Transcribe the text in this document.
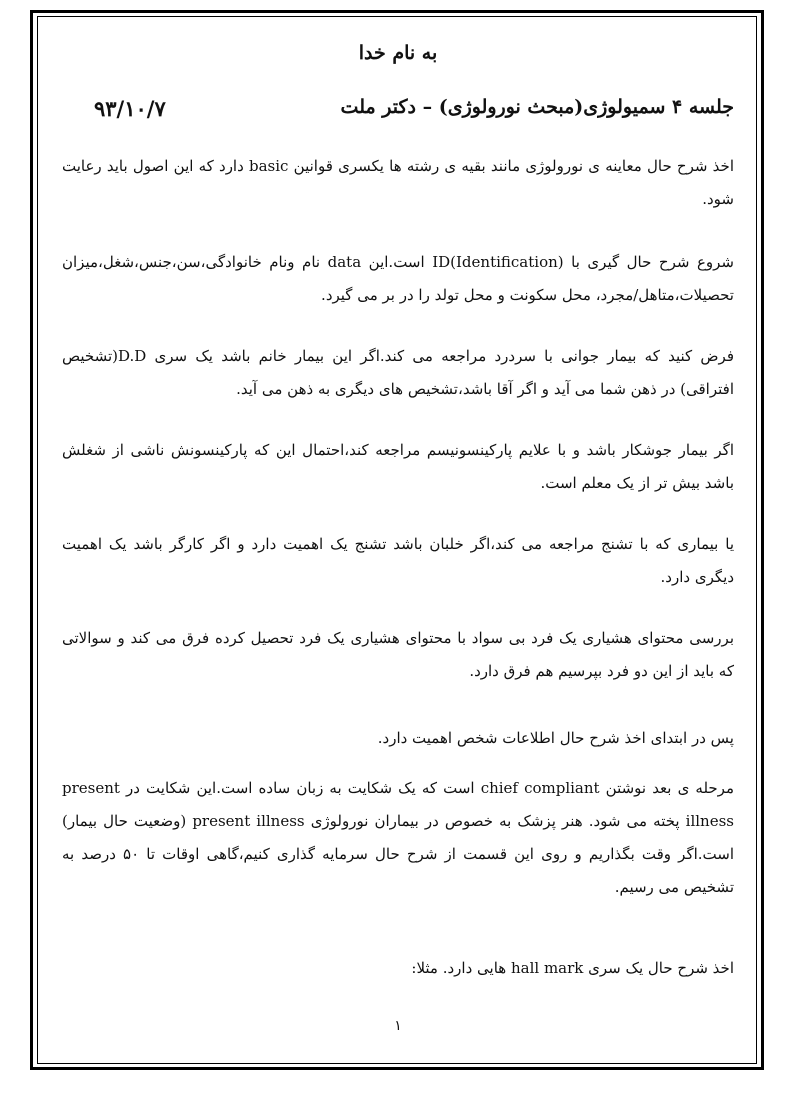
به نام خدا
جلسه ۴ سمیولوژی(مبحث نورولوژی) – دکتر ملت
۹۳/۱۰/۷
اخذ شرح حال معاینه ی نورولوژی مانند بقیه ی رشته ها یکسری قوانین basic دارد که این اصول باید رعایت شود.
شروع شرح حال گیری با (ID(Identification است.این data نام ونام خانوادگی،سن،جنس،شغل،میزان تحصیلات،متاهل/مجرد، محل سکونت و محل تولد را در بر می گیرد.
فرض کنید که بیمار جوانی با سردرد مراجعه می کند.اگر این بیمار خانم باشد یک سری D.D(تشخیص افتراقی) در ذهن شما می آید و اگر آقا باشد،تشخیص های دیگری به ذهن می آید.
اگر بیمار جوشکار باشد و با علایم پارکینسونیسم مراجعه کند،احتمال این که پارکینسونش ناشی از شغلش باشد بیش تر از یک معلم است.
یا بیماری که با تشنج مراجعه می کند،اگر خلبان باشد تشنج یک اهمیت دارد و اگر کارگر باشد یک اهمیت دیگری دارد.
بررسی محتوای هشیاری یک فرد بی سواد با محتوای هشیاری یک فرد تحصیل کرده فرق می کند و سوالاتی که باید از این دو فرد بپرسیم هم فرق دارد.
پس در ابتدای اخذ شرح حال اطلاعات شخص اهمیت دارد.
مرحله ی بعد نوشتن chief compliant است که یک شکایت به زبان ساده است.این شکایت در present illness پخته می شود. هنر پزشک به خصوص در بیماران نورولوژی present illness (وضعیت حال بیمار) است.اگر وقت بگذاریم و روی این قسمت از شرح حال سرمایه گذاری کنیم،گاهی اوقات تا ۵۰ درصد به تشخیص می رسیم.
اخذ شرح حال یک سری hall mark هایی دارد. مثلا:
۱
